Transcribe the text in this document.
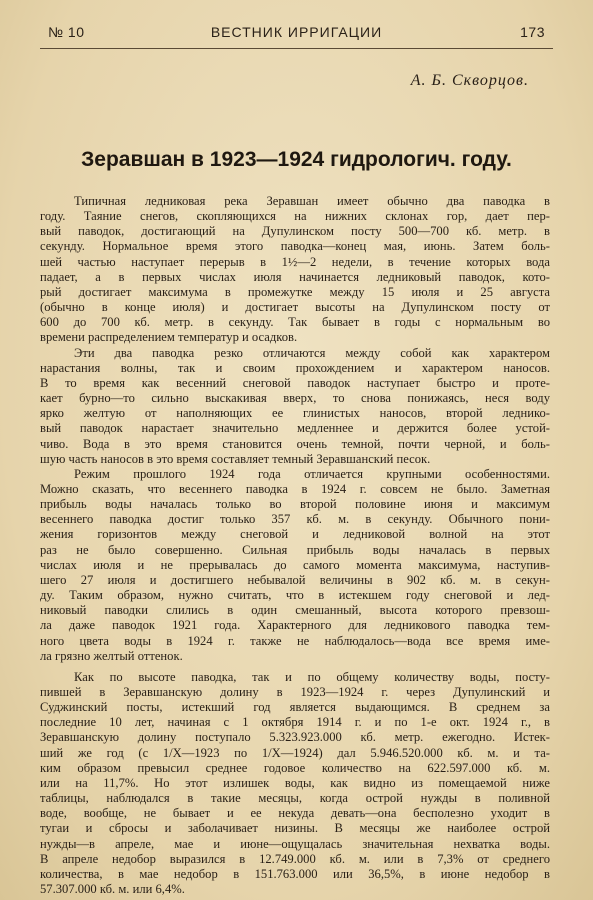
№ 10	ВЕСТНИК ИРРИГАЦИИ	173
А. Б. Скворцов.
Зеравшан в 1923—1924 гидрологич. году.

Типичная ледниковая река Зеравшан имеет обычно два паводка в
году. Таяние снегов, скопляющихся на нижних склонах гор, дает пер-
вый паводок, достигающий на Дупулинском посту 500—700 кб. метр. в
секунду. Нормальное время этого паводка—конец мая, июнь. Затем боль-
шей частью наступает перерыв в 1½—2 недели, в течение которых вода
падает, а в первых числах июля начинается ледниковый паводок, кото-
рый достигает максимума в промежутке между 15 июля и 25 августа
(обычно в конце июля) и достигает высоты на Дупулинском посту от
600 до 700 кб. метр. в секунду. Так бывает в годы с нормальным во
времени распределением температур и осадков.

Эти два паводка резко отличаются между собой как характером
нарастания волны, так и своим прохождением и характером наносов.
В то время как весенний снеговой паводок наступает быстро и проте-
кает бурно—то сильно выскакивая вверх, то снова понижаясь, неся воду
ярко желтую от наполняющих ее глинистых наносов, второй леднико-
вый паводок нарастает значительно медленнее и держится более устой-
чиво. Вода в это время становится очень темной, почти черной, и боль-
шую часть наносов в это время составляет темный Зеравшанский песок.

Режим прошлого 1924 года отличается крупными особенностями.
Можно сказать, что весеннего паводка в 1924 г. совсем не было. Заметная
прибыль воды началась только во второй половине июня и максимум
весеннего паводка достиг только 357 кб. м. в секунду. Обычного пони-
жения горизонтов между снеговой и ледниковой волной на этот
раз не было совершенно. Сильная прибыль воды началась в первых
числах июля и не прерывалась до самого момента максимума, наступив-
шего 27 июля и достигшего небывалой величины в 902 кб. м. в секун-
ду. Таким образом, нужно считать, что в истекшем году снеговой и лед-
никовый паводки слились в один смешанный, высота которого превзош-
ла даже паводок 1921 года. Характерного для ледникового паводка тем-
ного цвета воды в 1924 г. также не наблюдалось—вода все время име-
ла грязно желтый оттенок.

Как по высоте паводка, так и по общему количеству воды, посту-
пившей в Зеравшанскую долину в 1923—1924 г. через Дупулинский и
Суджинский посты, истекший год является выдающимся. В среднем за
последние 10 лет, начиная с 1 октября 1914 г. и по 1-е окт. 1924 г., в
Зеравшанскую долину поступало 5.323.923.000 кб. метр. ежегодно. Истек-
ший же год (с 1/X—1923 по 1/X—1924) дал 5.946.520.000 кб. м. и та-
ким образом превысил среднее годовое количество на 622.597.000 кб. м.
или на 11,7%. Но этот излишек воды, как видно из помещаемой ниже
таблицы, наблюдался в такие месяцы, когда острой нужды в поливной
воде, вообще, не бывает и ее некуда девать—она бесполезно уходит в
тугаи и сбросы и заболачивает низины. В месяцы же наиболее острой
нужды—в апреле, мае и июне—ощущалась значительная нехватка воды.
В апреле недобор выразился в 12.749.000 кб. м. или в 7,3% от среднего
количества, в мае недобор в 151.763.000 или 36,5%, в июне недобор в
57.307.000 кб. м. или 6,4%.
